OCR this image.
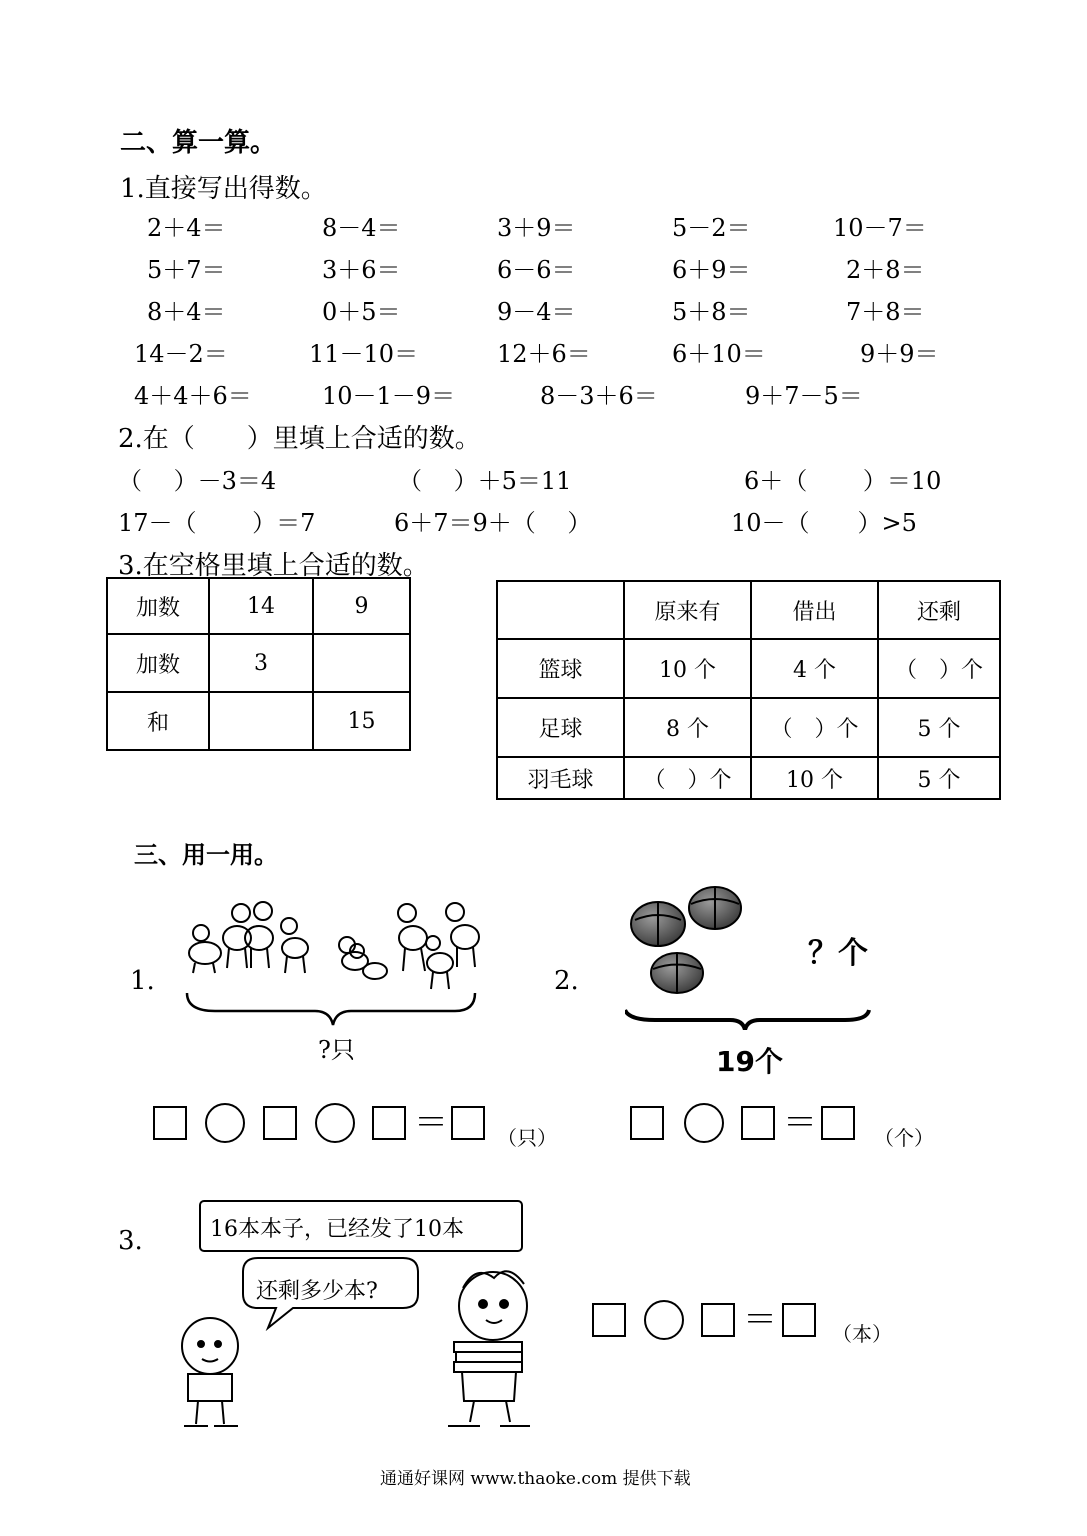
二、算一算。
1.直接写出得数。
2＋4＝	8－4＝	3＋9＝	5－2＝	10－7＝
5＋7＝	3＋6＝	6－6＝	6＋9＝	2＋8＝
8＋4＝	0＋5＝	9－4＝	5＋8＝	7＋8＝
14－2＝	11－10＝	12＋6＝	6＋10＝	9＋9＝
4＋4＋6＝	10－1－9＝	8－3＋6＝	9＋7－5＝
2.在（　　）里填上合适的数。
（　 ）－3＝4	（　 ）＋5＝11	6＋（　　 ）＝10
17－（　　 ）＝7	6＋7＝9＋（　 ）	10－（　　）>5
3.在空格里填上合适的数。
加数	14	9
加数	3	
和		15
	原来有	借出	还剩
篮球	10 个	4 个	（　）个
足球	8 个	（　）个	5 个
羽毛球	（　）个	10 个	5 个
三、用一用。
1.
?只
＝ （只）
2.
？个
19个
＝	（个）
3.	16本本子，已经发了10本
还剩多少本?
＝	（本）
通通好课网 www.thaoke.com 提供下载
